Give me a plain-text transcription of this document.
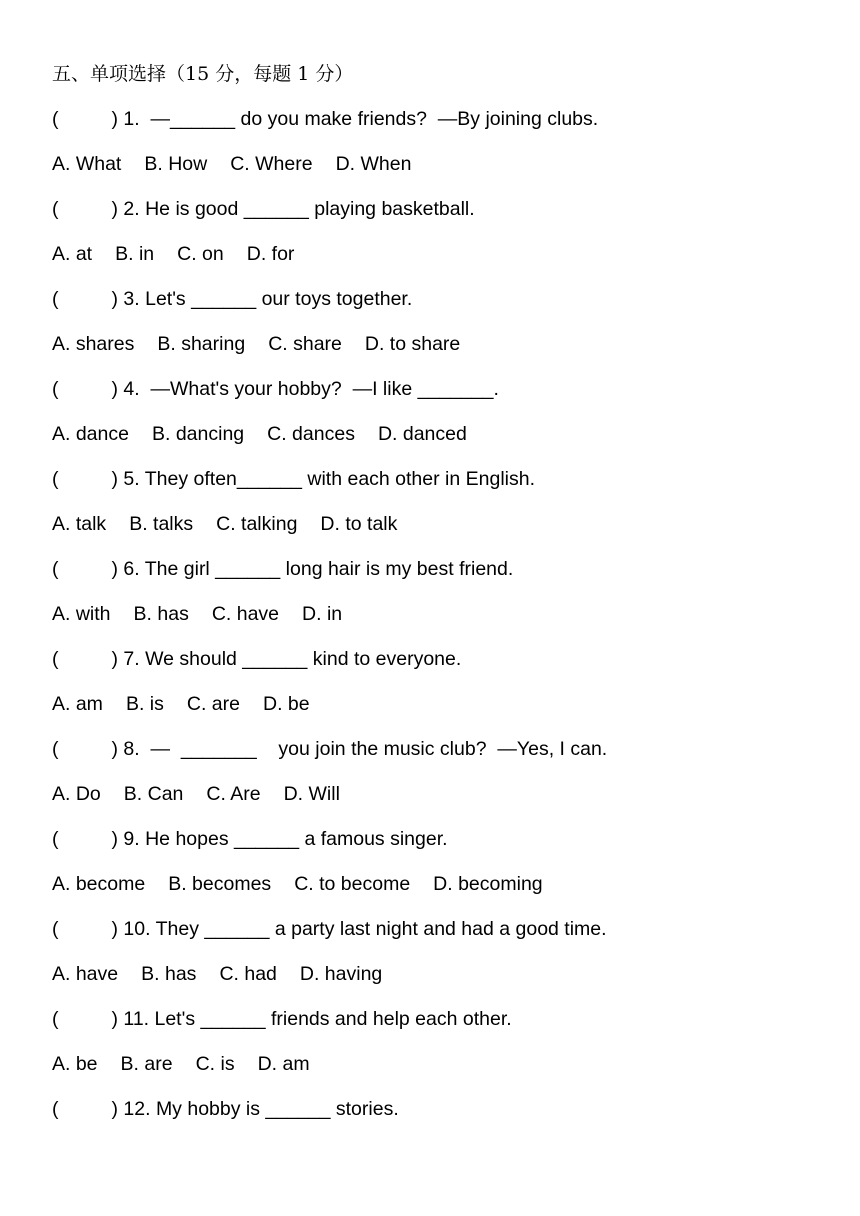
五、单项选择（15 分，每题 1 分）
(	) 1.  —______ do you make friends?  —By joining clubs.
A. What B. How C. Where D. When
(	) 2. He is good ______ playing basketball.
A. at B. in C. on D. for
(	) 3. Let's ______ our toys together.
A. shares B. sharing C. share D. to share
(	) 4.  —What's your hobby?  —I like _______.
A. dance B. dancing C. dances D. danced
(	) 5. They often______ with each other in English.
A. talk B. talks C. talking D. to talk
(	) 6. The girl ______ long hair is my best friend.
A. with B. has C. have D. in
(	) 7. We should ______ kind to everyone.
A. am B. is C. are D. be
(	) 8.  —  _______    you join the music club?  —Yes, I can.
A. Do B. Can C. Are D. Will
(	) 9. He hopes ______ a famous singer.
A. become B. becomes C. to become D. becoming
(	) 10. They ______ a party last night and had a good time.
A. have B. has C. had D. having
(	) 11. Let's ______ friends and help each other.
A. be B. are C. is D. am
(	) 12. My hobby is ______ stories.
